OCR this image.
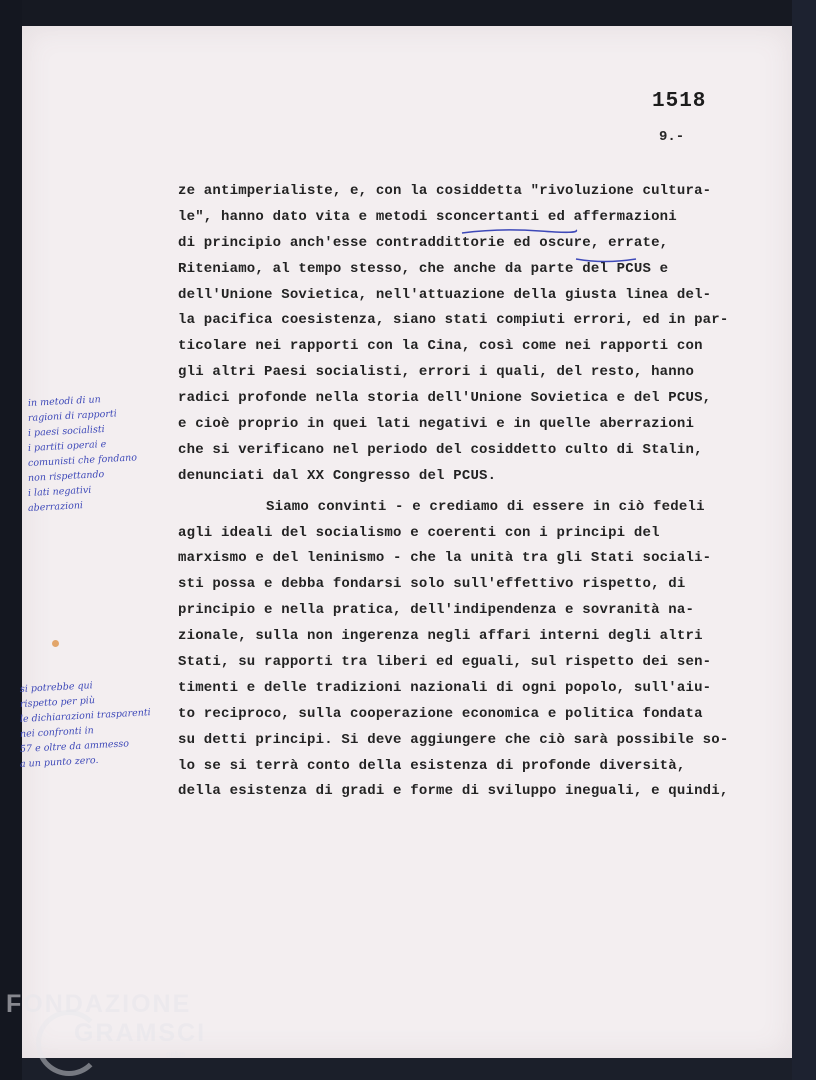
1518
9.-
ze antimperialiste, e, con la cosiddetta "rivoluzione cultura-
le", hanno dato vita e metodi sconcertanti ed affermazioni
di principio anch'esse contraddittorie ed oscure, errate,
Riteniamo, al tempo stesso, che anche da parte del PCUS e
dell'Unione Sovietica, nell'attuazione della giusta linea del-
la pacifica coesistenza, siano stati compiuti errori, ed in par-
ticolare nei rapporti con la Cina, così come nei rapporti con
gli altri Paesi socialisti, errori i quali, del resto, hanno
radici profonde nella storia dell'Unione Sovietica e del PCUS,
e cioè proprio in quei lati negativi e in quelle aberrazioni
che si verificano nel periodo del cosiddetto culto di Stalin,
denunciati dal XX Congresso del PCUS.
Siamo convinti - e crediamo di essere in ciò fedeli
agli ideali del socialismo e coerenti con i principi del
marxismo e del leninismo - che la unità tra gli Stati sociali-
sti possa e debba fondarsi solo sull'effettivo rispetto, di
principio e nella pratica, dell'indipendenza e sovranità na-
zionale, sulla non ingerenza negli affari interni degli altri
Stati, su rapporti tra liberi ed eguali, sul rispetto dei sen-
timenti e delle tradizioni nazionali di ogni popolo, sull'aiu-
to reciproco, sulla cooperazione economica e politica fondata
su detti principi. Si deve aggiungere che ciò sarà possibile so-
lo se si terrà conto della esistenza di profonde diversità,
della esistenza di gradi e forme di sviluppo ineguali, e quindi,
in metodi di un
ragioni di rapporti
i paesi socialisti
i partiti operai e
comunisti che fondano
non rispettando
i lati negativi
aberrazioni
si potrebbe qui
rispetto per più
le dichiarazioni trasparenti
nei confronti in
57 e oltre da ammesso
a un punto zero.
FONDAZIONE
GRAMSCI
onlus
